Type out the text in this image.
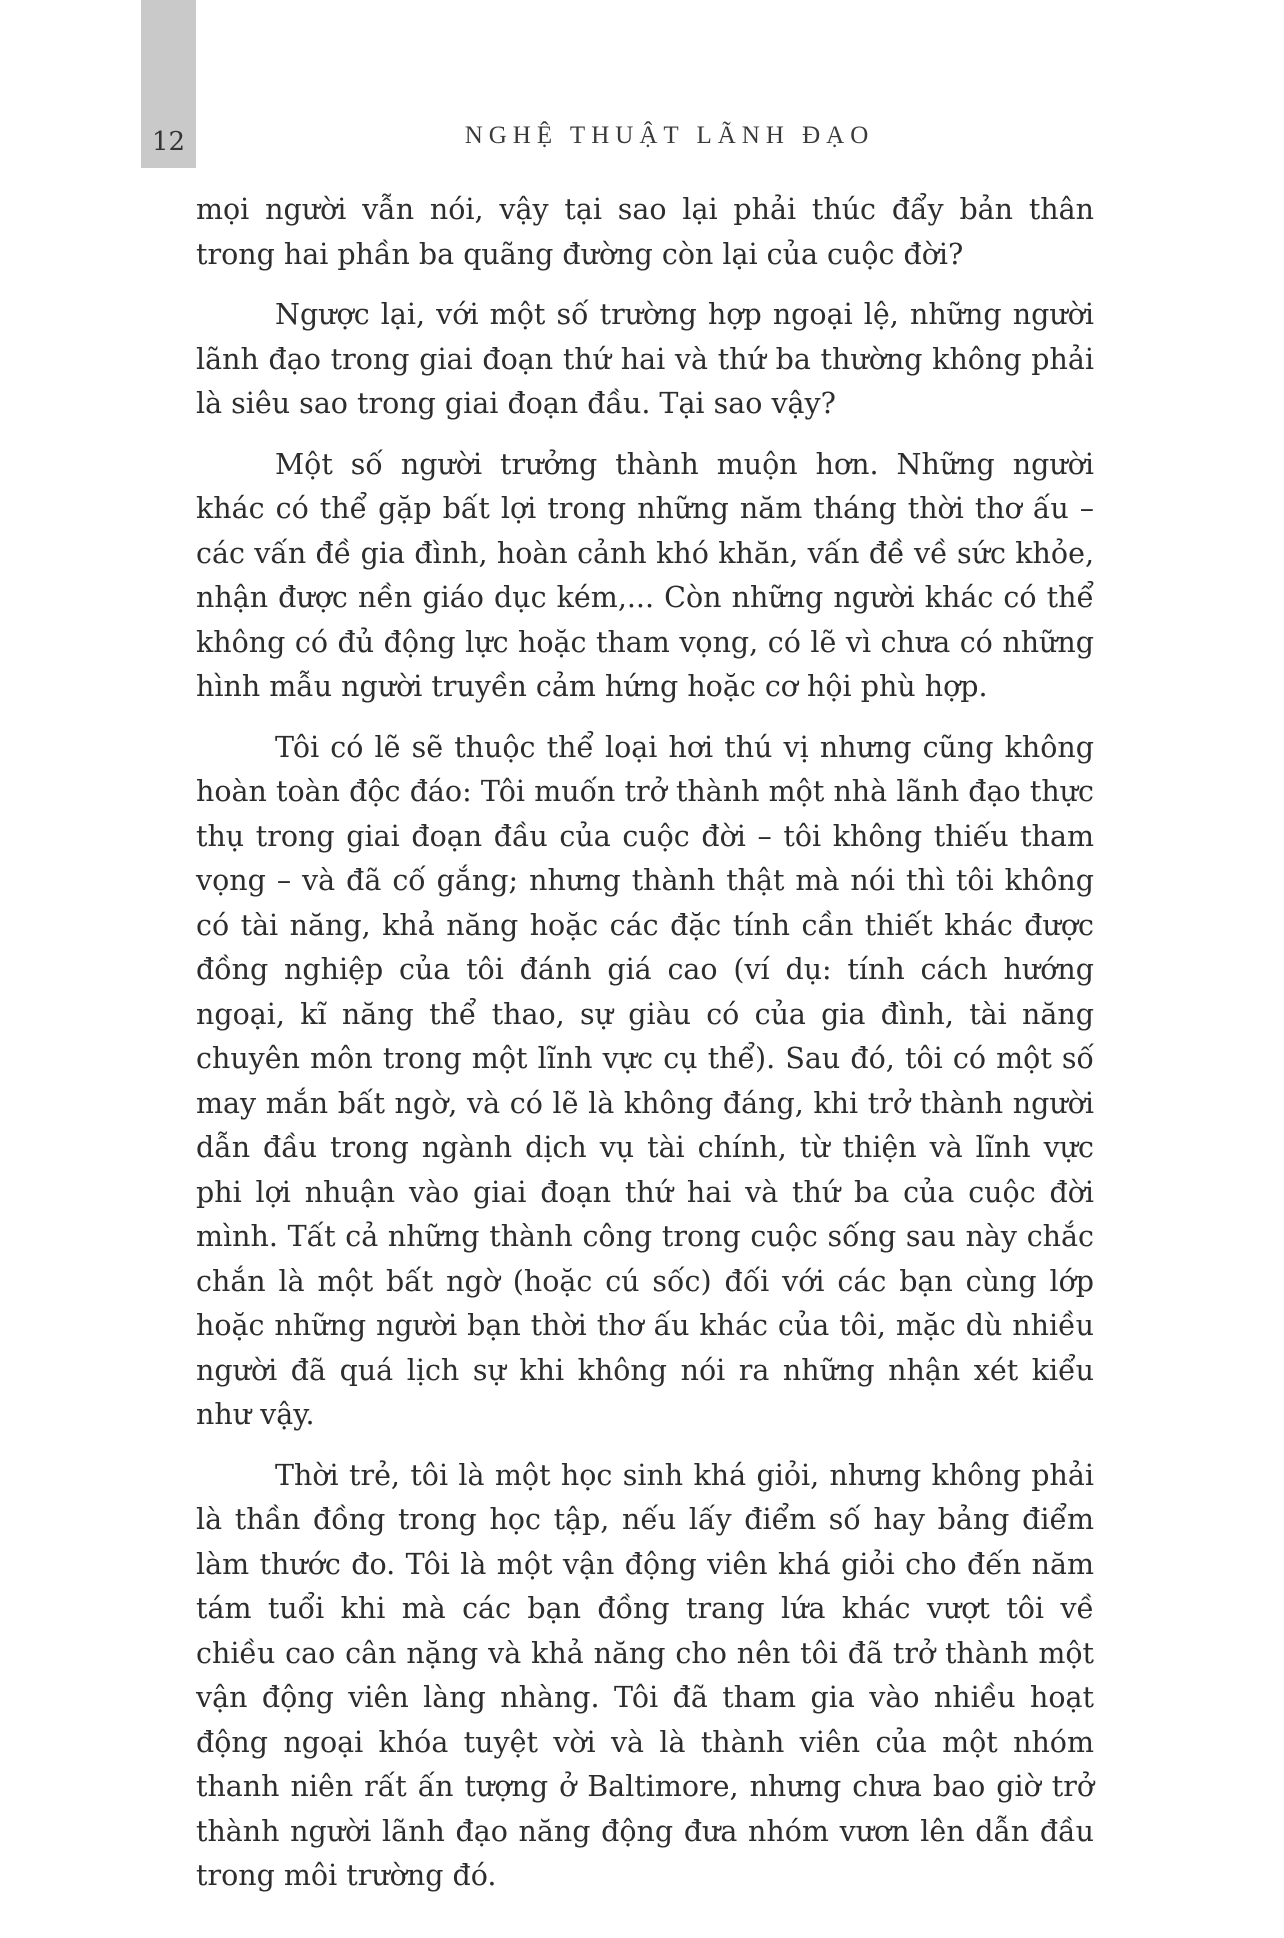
12	NGHỆ THUẬT LÃNH ĐẠO

mọi người vẫn nói, vậy tại sao lại phải thúc đẩy bản thân trong hai phần ba quãng đường còn lại của cuộc đời?

Ngược lại, với một số trường hợp ngoại lệ, những người lãnh đạo trong giai đoạn thứ hai và thứ ba thường không phải là siêu sao trong giai đoạn đầu. Tại sao vậy?

Một số người trưởng thành muộn hơn. Những người khác có thể gặp bất lợi trong những năm tháng thời thơ ấu – các vấn đề gia đình, hoàn cảnh khó khăn, vấn đề về sức khỏe, nhận được nền giáo dục kém,... Còn những người khác có thể không có đủ động lực hoặc tham vọng, có lẽ vì chưa có những hình mẫu người truyền cảm hứng hoặc cơ hội phù hợp.

Tôi có lẽ sẽ thuộc thể loại hơi thú vị nhưng cũng không hoàn toàn độc đáo: Tôi muốn trở thành một nhà lãnh đạo thực thụ trong giai đoạn đầu của cuộc đời – tôi không thiếu tham vọng – và đã cố gắng; nhưng thành thật mà nói thì tôi không có tài năng, khả năng hoặc các đặc tính cần thiết khác được đồng nghiệp của tôi đánh giá cao (ví dụ: tính cách hướng ngoại, kĩ năng thể thao, sự giàu có của gia đình, tài năng chuyên môn trong một lĩnh vực cụ thể). Sau đó, tôi có một số may mắn bất ngờ, và có lẽ là không đáng, khi trở thành người dẫn đầu trong ngành dịch vụ tài chính, từ thiện và lĩnh vực phi lợi nhuận vào giai đoạn thứ hai và thứ ba của cuộc đời mình. Tất cả những thành công trong cuộc sống sau này chắc chắn là một bất ngờ (hoặc cú sốc) đối với các bạn cùng lớp hoặc những người bạn thời thơ ấu khác của tôi, mặc dù nhiều người đã quá lịch sự khi không nói ra những nhận xét kiểu như vậy.

Thời trẻ, tôi là một học sinh khá giỏi, nhưng không phải là thần đồng trong học tập, nếu lấy điểm số hay bảng điểm làm thước đo. Tôi là một vận động viên khá giỏi cho đến năm tám tuổi khi mà các bạn đồng trang lứa khác vượt tôi về chiều cao cân nặng và khả năng cho nên tôi đã trở thành một vận động viên làng nhàng. Tôi đã tham gia vào nhiều hoạt động ngoại khóa tuyệt vời và là thành viên của một nhóm thanh niên rất ấn tượng ở Baltimore, nhưng chưa bao giờ trở thành người lãnh đạo năng động đưa nhóm vươn lên dẫn đầu trong môi trường đó.
